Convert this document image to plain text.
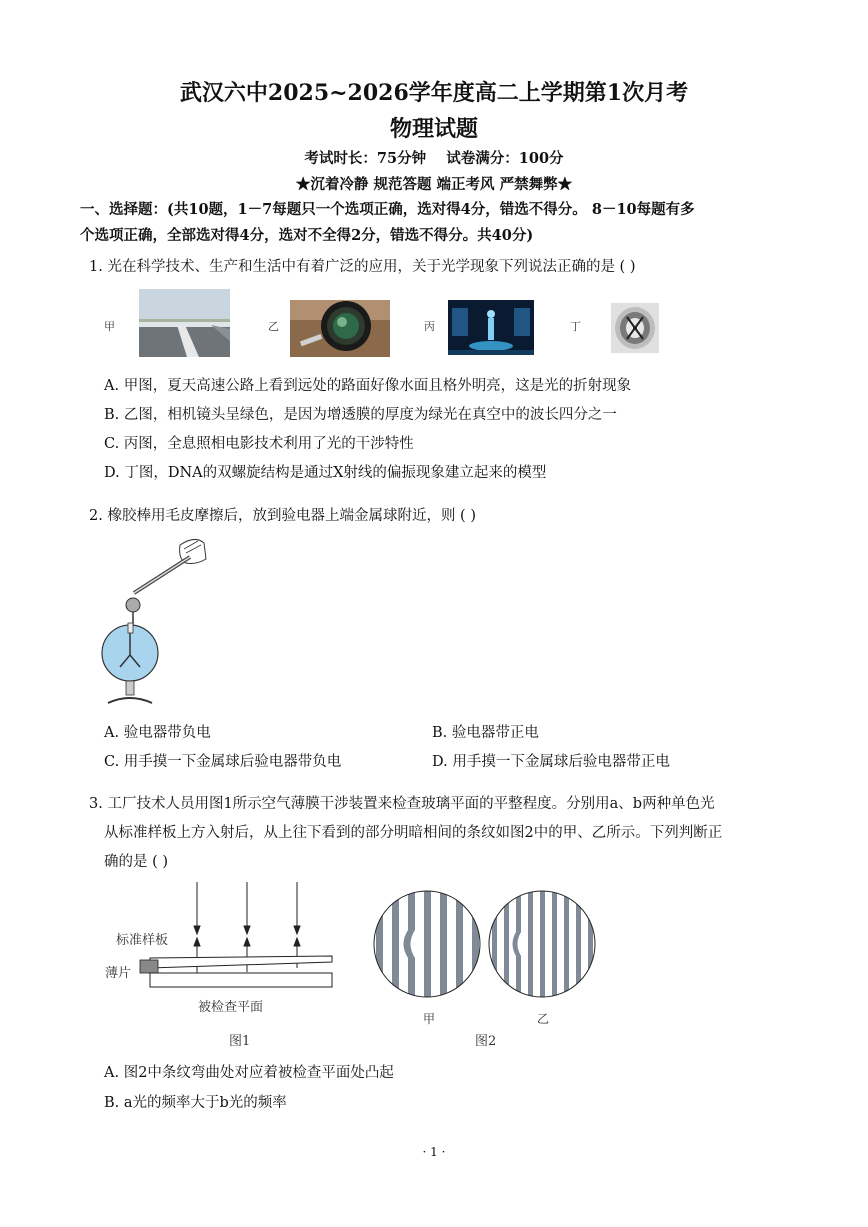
武汉六中2025~2026学年度高二上学期第1次月考
物理试题
考试时长：75分钟    试卷满分：100分
★沉着冷静 规范答题 端正考风 严禁舞弊★
一、选择题：(共10题，1－7每题只一个选项正确，选对得4分，错选不得分。 8－10每题有多
个选项正确，全部选对得4分，选对不全得2分，错选不得分。共40分)
1. 光在科学技术、生产和生活中有着广泛的应用，关于光学现象下列说法正确的是 ( )
甲	乙	丙	丁
A. 甲图，夏天高速公路上看到远处的路面好像水面且格外明亮，这是光的折射现象
B. 乙图，相机镜头呈绿色，是因为增透膜的厚度为绿光在真空中的波长四分之一
C. 丙图，全息照相电影技术利用了光的干涉特性
D. 丁图，DNA的双螺旋结构是通过X射线的偏振现象建立起来的模型
2. 橡胶棒用毛皮摩擦后，放到验电器上端金属球附近，则 ( )
A. 验电器带负电	B. 验电器带正电
C. 用手摸一下金属球后验电器带负电	D. 用手摸一下金属球后验电器带正电
3. 工厂技术人员用图1所示空气薄膜干涉装置来检查玻璃平面的平整程度。分别用a、b两种单色光
从标准样板上方入射后，从上往下看到的部分明暗相间的条纹如图2中的甲、乙所示。下列判断正
确的是 ( )
标准样板
薄片
被检查平面
图1
甲	乙
图2
A. 图2中条纹弯曲处对应着被检查平面处凸起
B. a光的频率大于b光的频率
· 1 ·
